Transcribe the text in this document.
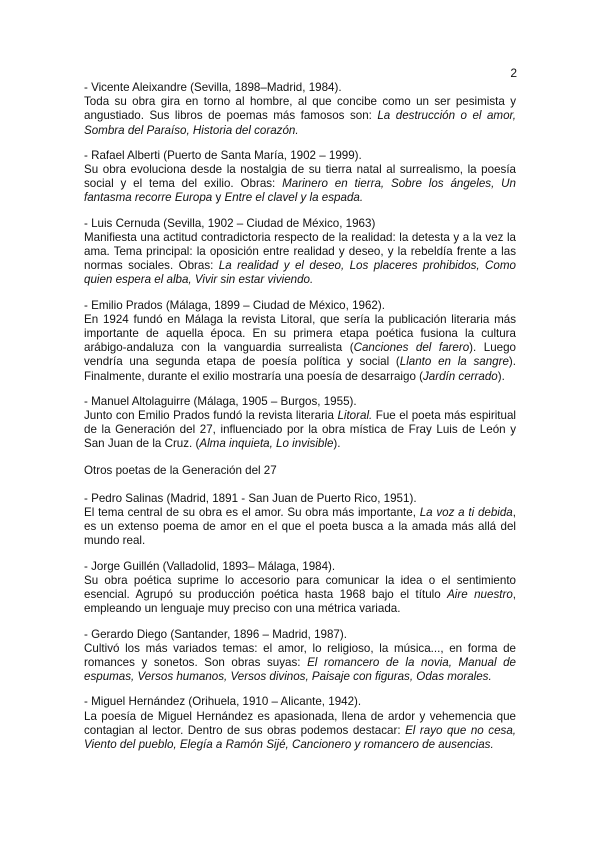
2
- Vicente Aleixandre (Sevilla, 1898–Madrid, 1984).
Toda su obra gira en torno al hombre, al que concibe como un ser pesimista y angustiado. Sus libros de poemas más famosos son: La destrucción o el amor, Sombra del Paraíso, Historia del corazón.
- Rafael Alberti (Puerto de Santa María, 1902 – 1999).
Su obra evoluciona desde la nostalgia de su tierra natal al surrealismo, la poesía social y el tema del exilio. Obras: Marinero en tierra, Sobre los ángeles, Un fantasma recorre Europa y Entre el clavel y la espada.
- Luis Cernuda (Sevilla, 1902 – Ciudad de México, 1963)
Manifiesta una actitud contradictoria respecto de la realidad: la detesta y a la vez la ama. Tema principal: la oposición entre realidad y deseo, y la rebeldía frente a las normas sociales. Obras: La realidad y el deseo, Los placeres prohibidos, Como quien espera el alba, Vivir sin estar viviendo.
- Emilio Prados (Málaga, 1899 – Ciudad de México, 1962).
En 1924 fundó en Málaga la revista Litoral, que sería la publicación literaria más importante de aquella época. En su primera etapa poética fusiona la cultura arábigo-andaluza con la vanguardia surrealista (Canciones del farero). Luego vendría una segunda etapa de poesía política y social (Llanto en la sangre). Finalmente, durante el exilio mostraría una poesía de desarraigo (Jardín cerrado).
- Manuel Altolaguirre (Málaga, 1905 – Burgos, 1955).
Junto con Emilio Prados fundó la revista literaria Litoral. Fue el poeta más espiritual de la Generación del 27, influenciado por la obra mística de Fray Luis de León y San Juan de la Cruz. (Alma inquieta, Lo invisible).
Otros poetas de la Generación del 27
- Pedro Salinas (Madrid, 1891 - San Juan de Puerto Rico, 1951).
El tema central de su obra es el amor. Su obra más importante, La voz a ti debida, es un extenso poema de amor en el que el poeta busca a la amada más allá del mundo real.
- Jorge Guillén (Valladolid, 1893– Málaga, 1984).
Su obra poética suprime lo accesorio para comunicar la idea o el sentimiento esencial. Agrupó su producción poética hasta 1968 bajo el título Aire nuestro, empleando un lenguaje muy preciso con una métrica variada.
- Gerardo Diego (Santander, 1896 – Madrid, 1987).
Cultivó los más variados temas: el amor, lo religioso, la música..., en forma de romances y sonetos. Son obras suyas: El romancero de la novia, Manual de espumas, Versos humanos, Versos divinos, Paisaje con figuras, Odas morales.
- Miguel Hernández (Orihuela, 1910 – Alicante, 1942).
La poesía de Miguel Hernández es apasionada, llena de ardor y vehemencia que contagian al lector. Dentro de sus obras podemos destacar: El rayo que no cesa, Viento del pueblo, Elegía a Ramón Sijé, Cancionero y romancero de ausencias.
